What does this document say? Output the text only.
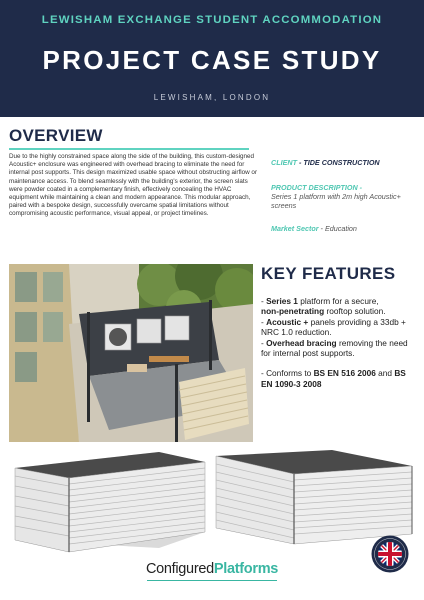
LEWISHAM EXCHANGE STUDENT ACCOMMODATION
PROJECT CASE STUDY
LEWISHAM, LONDON
OVERVIEW
Due to the highly constrained space along the side of the building, this custom-designed Acoustic+ enclosure was engineered with overhead bracing to eliminate the need for internal post supports. This design maximized usable space without obstructing airflow or maintenance access. To blend seamlessly with the building's exterior, the screen slats were powder coated in a complementary finish, effectively concealing the HVAC equipment while maintaining a clean and modern appearance. This modular approach, paired with a bespoke design, successfully overcame spatial limitations without compromising acoustic performance, visual appeal, or project timelines.
CLIENT - TIDE CONSTRUCTION
PRODUCT DESCRIPTION -
Series 1 platform with 2m high Acoustic+ screens
Market Sector - Education
KEY FEATURES

- Series 1 platform for a secure,
non-penetrating rooftop solution.

- Acoustic + panels providing a 33db + NRC 1.0 reduction.

- Overhead bracing removing the need for internal post supports.

- Conforms to BS EN 516 2006 and BS EN 1090-3 2008

ConfiguredPlatforms
